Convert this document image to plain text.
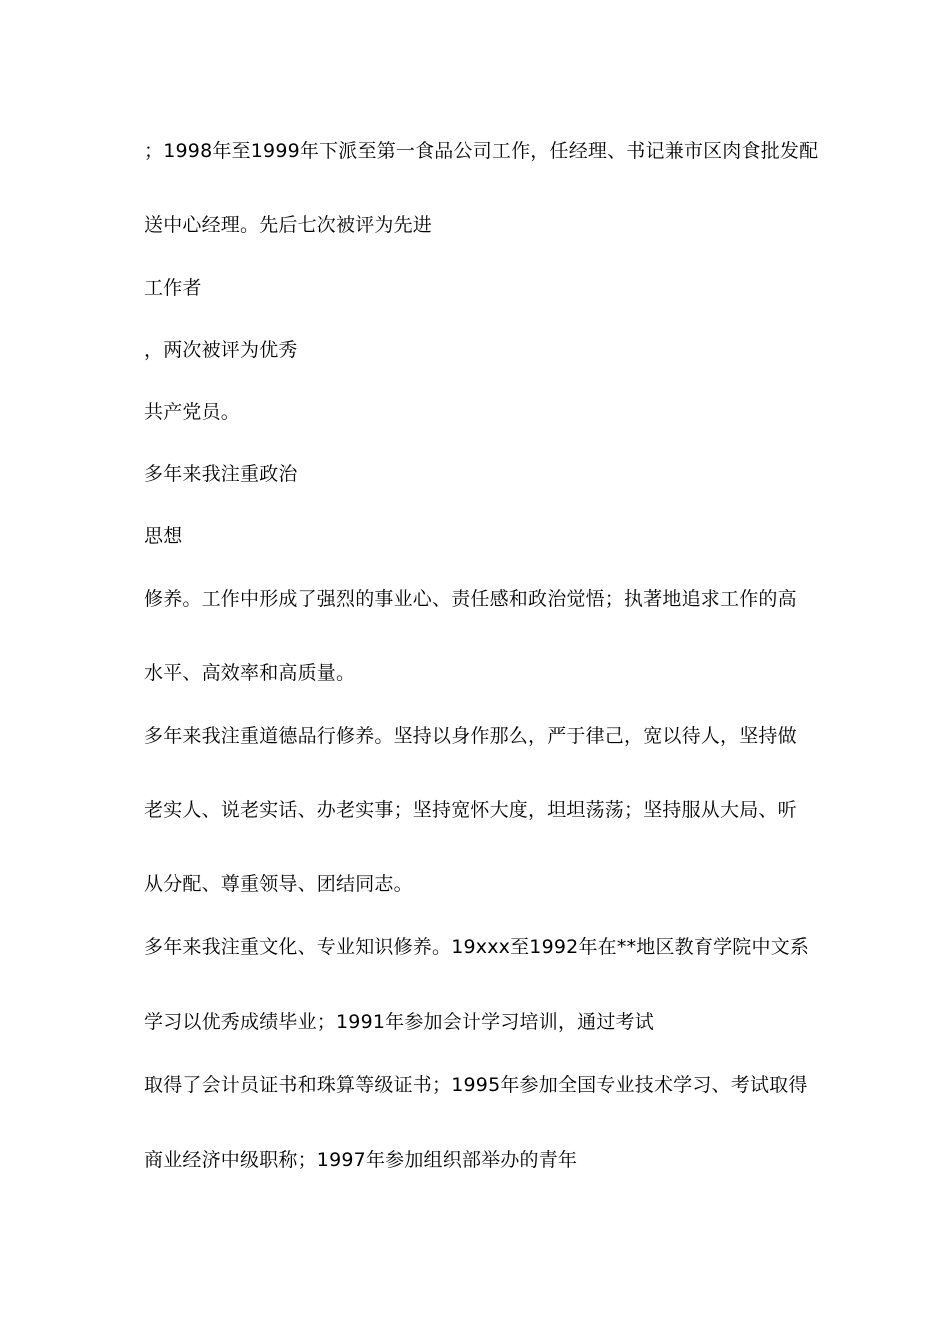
；1998年至1999年下派至第一食品公司工作，任经理、书记兼市区肉食批发配
送中心经理。先后七次被评为先进
工作者
，两次被评为优秀
共产党员。
多年来我注重政治
思想
修养。工作中形成了强烈的事业心、责任感和政治觉悟；执著地追求工作的高
水平、高效率和高质量。
多年来我注重道德品行修养。坚持以身作那么，严于律己，宽以待人，坚持做
老实人、说老实话、办老实事；坚持宽怀大度，坦坦荡荡；坚持服从大局、听
从分配、尊重领导、团结同志。
多年来我注重文化、专业知识修养。19xxx至1992年在**地区教育学院中文系
学习以优秀成绩毕业；1991年参加会计学习培训，通过考试
取得了会计员证书和珠算等级证书；1995年参加全国专业技术学习、考试取得
商业经济中级职称；1997年参加组织部举办的青年
